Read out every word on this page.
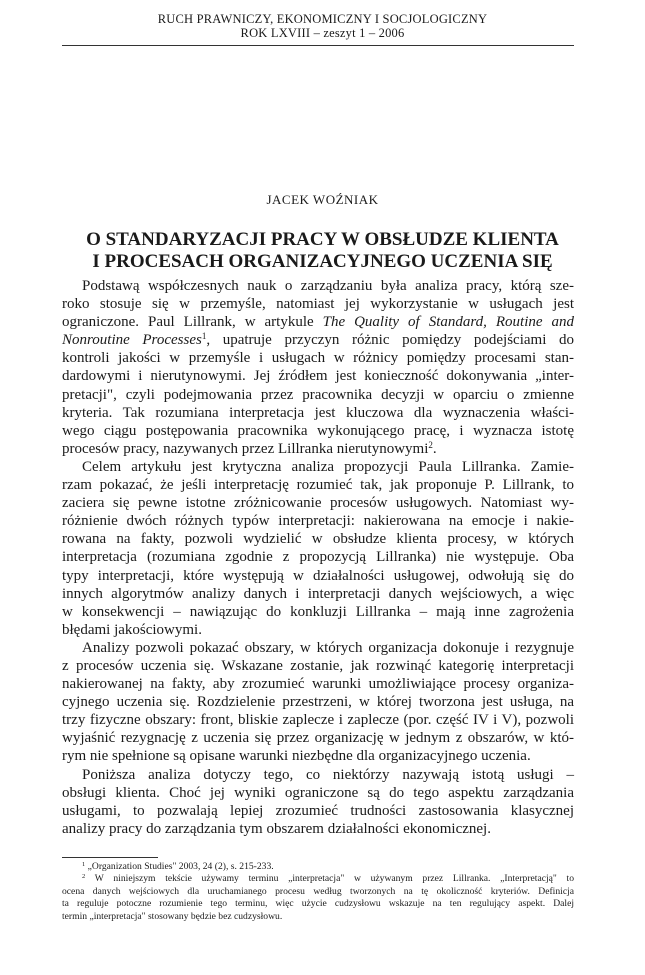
RUCH PRAWNICZY, EKONOMICZNY I SOCJOLOGICZNY
ROK LXVIII – zeszyt 1 – 2006
JACEK WOŹNIAK
O STANDARYZACJI PRACY W OBSŁUDZE KLIENTA
I PROCESACH ORGANIZACYJNEGO UCZENIA SIĘ
Podstawą współczesnych nauk o zarządzaniu była analiza pracy, którą sze-
roko stosuje się w przemyśle, natomiast jej wykorzystanie w usługach jest
ograniczone. Paul Lillrank, w artykule The Quality of Standard, Routine and
Nonroutine Processes$^1$, upatruje przyczyn różnic pomiędzy podejściami do
kontroli jakości w przemyśle i usługach w różnicy pomiędzy procesami stan-
dardowymi i nierutynowymi. Jej źródłem jest konieczność dokonywania „inter-
pretacji", czyli podejmowania przez pracownika decyzji w oparciu o zmienne
kryteria. Tak rozumiana interpretacja jest kluczowa dla wyznaczenia właści-
wego ciągu postępowania pracownika wykonującego pracę, i wyznacza istotę
procesów pracy, nazywanych przez Lillranka nierutynowymi$^2$.
Celem artykułu jest krytyczna analiza propozycji Paula Lillranka. Zamie-
rzam pokazać, że jeśli interpretację rozumieć tak, jak proponuje P. Lillrank, to
zaciera się pewne istotne zróżnicowanie procesów usługowych. Natomiast wy-
różnienie dwóch różnych typów interpretacji: nakierowana na emocje i nakie-
rowana na fakty, pozwoli wydzielić w obsłudze klienta procesy, w których
interpretacja (rozumiana zgodnie z propozycją Lillranka) nie występuje. Oba
typy interpretacji, które występują w działalności usługowej, odwołują się do
innych algorytmów analizy danych i interpretacji danych wejściowych, a więc
w konsekwencji – nawiązując do konkluzji Lillranka – mają inne zagrożenia
błędami jakościowymi.
Analizy pozwoli pokazać obszary, w których organizacja dokonuje i rezygnuje
z procesów uczenia się. Wskazane zostanie, jak rozwinąć kategorię interpretacji
nakierowanej na fakty, aby zrozumieć warunki umożliwiające procesy organiza-
cyjnego uczenia się. Rozdzielenie przestrzeni, w której tworzona jest usługa, na
trzy fizyczne obszary: front, bliskie zaplecze i zaplecze (por. część IV i V), pozwoli
wyjaśnić rezygnację z uczenia się przez organizację w jednym z obszarów, w któ-
rym nie spełnione są opisane warunki niezbędne dla organizacyjnego uczenia.
Poniższa analiza dotyczy tego, co niektórzy nazywają istotą usługi –
obsługi klienta. Choć jej wyniki ograniczone są do tego aspektu zarządzania
usługami, to pozwalają lepiej zrozumieć trudności zastosowania klasycznej
analizy pracy do zarządzania tym obszarem działalności ekonomicznej.
$^1$ „Organization Studies" 2003, 24 (2), s. 215-233.
$^2$ W niniejszym tekście używamy terminu „interpretacja" w używanym przez Lillranka. „Interpretacją" to
ocena danych wejściowych dla uruchamianego procesu według tworzonych na tę okoliczność kryteriów. Definicja
ta reguluje potoczne rozumienie tego terminu, więc użycie cudzysłowu wskazuje na ten regulujący aspekt. Dalej
termin „interpretacja" stosowany będzie bez cudzysłowu.
